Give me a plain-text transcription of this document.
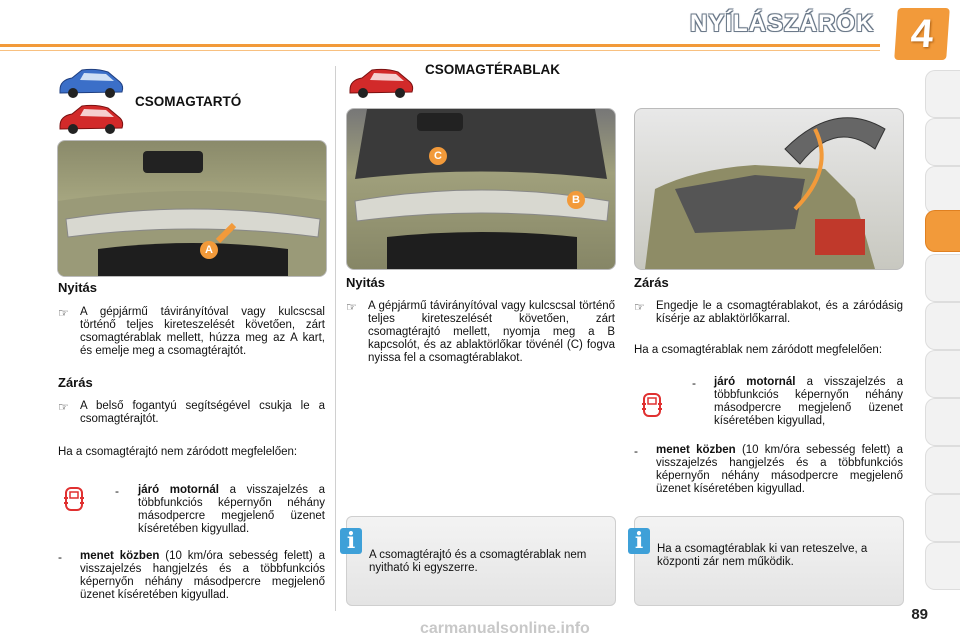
NYÍLÁSZÁRÓK 4
CSOMAGTARTÓ
A
Nyitás
☞ A gépjármű távirányítóval vagy kulcscsal történő teljes kireteszelését követően, zárt csomagtérablak mellett, húzza meg az A kart, és emelje meg a csomagtérajtót.
Zárás
☞ A belső fogantyú segítségével csukja le a csomagtérajtót.
Ha a csomagtérajtó nem záródott megfelelően:
- járó motornál a visszajelzés a többfunkciós képernyőn néhány másodpercre megjelenő üzenet kíséretében kigyullad.
- menet közben (10 km/óra sebesség felett) a visszajelzés hangjelzés és a többfunkciós képernyőn néhány másodpercre megjelenő üzenet kíséretében kigyullad.
CSOMAGTÉRABLAK
C
B
Nyitás
☞ A gépjármű távirányítóval vagy kulcscsal történő teljes kireteszelését követően, zárt csomagtérajtó mellett, nyomja meg a B kapcsolót, és az ablaktörlőkar tövénél (C) fogva nyissa fel a csomagtérablakot.
A csomagtérajtó és a csomagtérablak nem nyitható ki egyszerre.
i
Zárás
☞ Engedje le a csomagtérablakot, és a záródásig kísérje az ablaktörlőkarral.
Ha a csomagtérablak nem záródott megfelelően:
- járó motornál a visszajelzés a többfunkciós képernyőn néhány másodpercre megjelenő üzenet kíséretében kigyullad,
- menet közben (10 km/óra sebesség felett) a visszajelzés hangjelzés és a többfunkciós képernyőn néhány másodpercre megjelenő üzenet kíséretében kigyullad.
Ha a csomagtérablak ki van reteszelve, a központi zár nem működik.
i
89
carmanualsonline.info
